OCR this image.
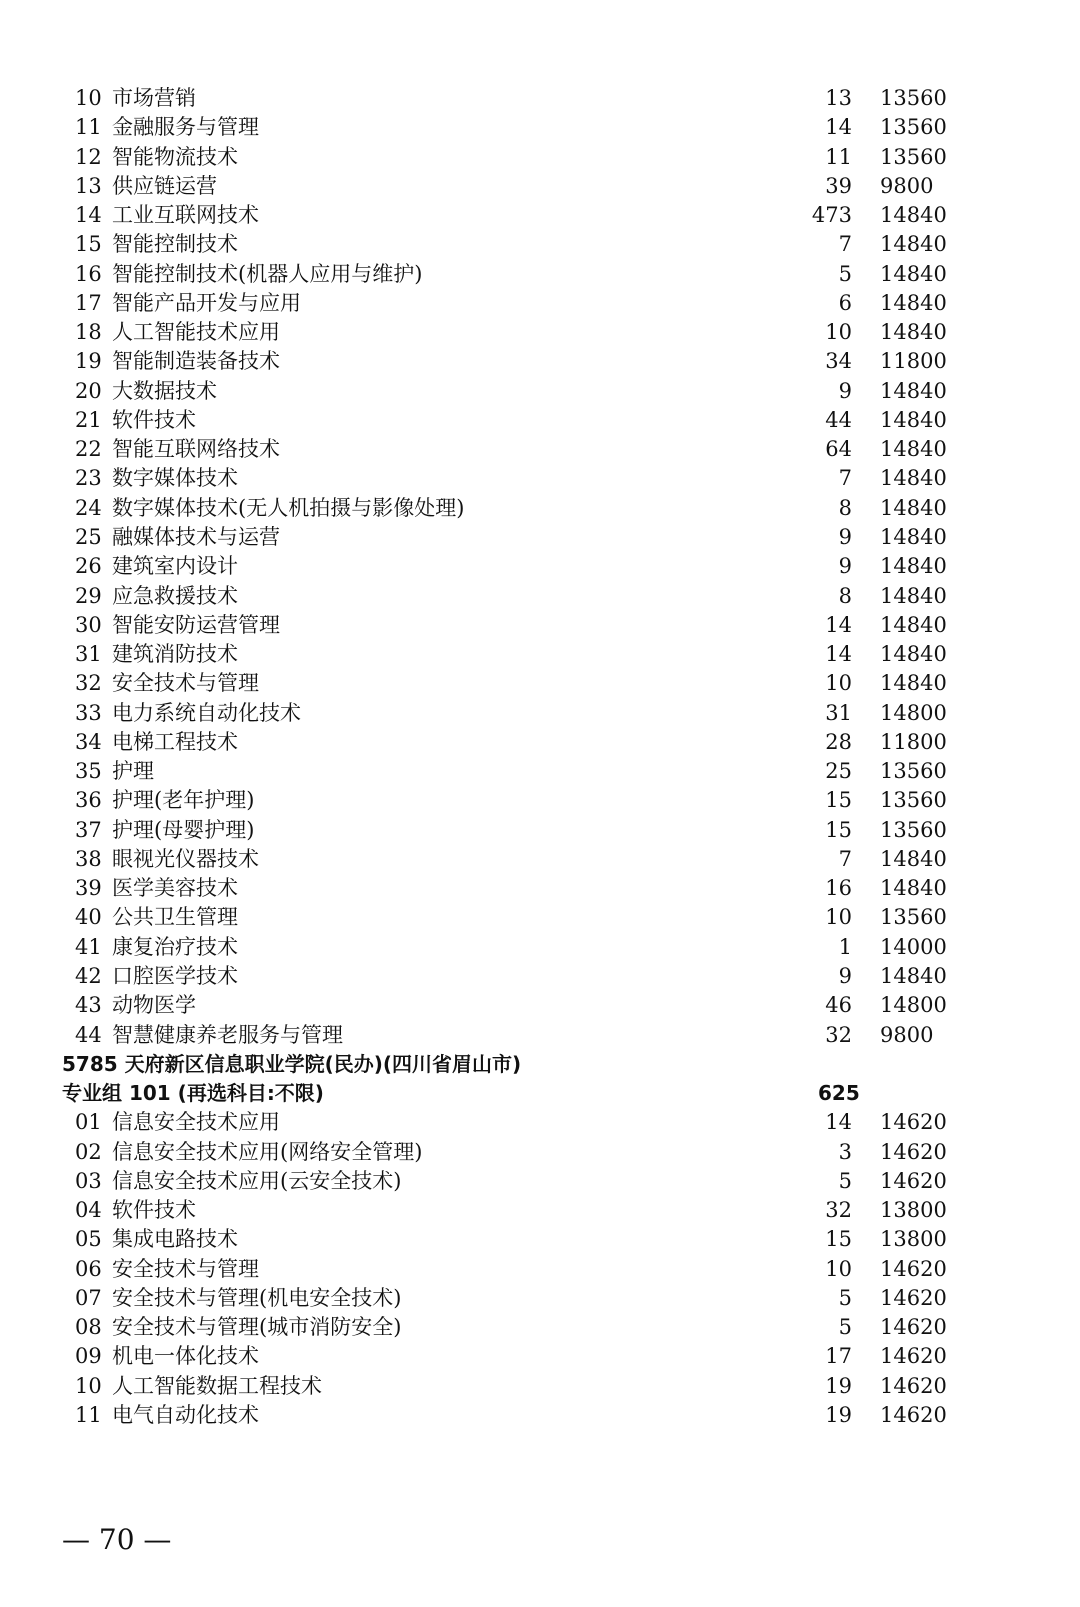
10 市场营销	13 13560
11 金融服务与管理	14 13560
12 智能物流技术	11 13560
13 供应链运营	39 9800
14 工业互联网技术	473 14840
15 智能控制技术	7 14840
16 智能控制技术(机器人应用与维护)	5 14840
17 智能产品开发与应用	6 14840
18 人工智能技术应用	10 14840
19 智能制造装备技术	34 11800
20 大数据技术	9 14840
21 软件技术	44 14840
22 智能互联网络技术	64 14840
23 数字媒体技术	7 14840
24 数字媒体技术(无人机拍摄与影像处理)	8 14840
25 融媒体技术与运营	9 14840
26 建筑室内设计	9 14840
29 应急救援技术	8 14840
30 智能安防运营管理	14 14840
31 建筑消防技术	14 14840
32 安全技术与管理	10 14840
33 电力系统自动化技术	31 14800
34 电梯工程技术	28 11800
35 护理	25 13560
36 护理(老年护理)	15 13560
37 护理(母婴护理)	15 13560
38 眼视光仪器技术	7 14840
39 医学美容技术	16 14840
40 公共卫生管理	10 13560
41 康复治疗技术	1 14000
42 口腔医学技术	9 14840
43 动物医学	46 14800
44 智慧健康养老服务与管理	32 9800
5785 天府新区信息职业学院(民办)(四川省眉山市)
专业组 101 (再选科目:不限)	625
01 信息安全技术应用	14 14620
02 信息安全技术应用(网络安全管理)	3 14620
03 信息安全技术应用(云安全技术)	5 14620
04 软件技术	32 13800
05 集成电路技术	15 13800
06 安全技术与管理	10 14620
07 安全技术与管理(机电安全技术)	5 14620
08 安全技术与管理(城市消防安全)	5 14620
09 机电一体化技术	17 14620
10 人工智能数据工程技术	19 14620
11 电气自动化技术	19 14620
— 70 —
